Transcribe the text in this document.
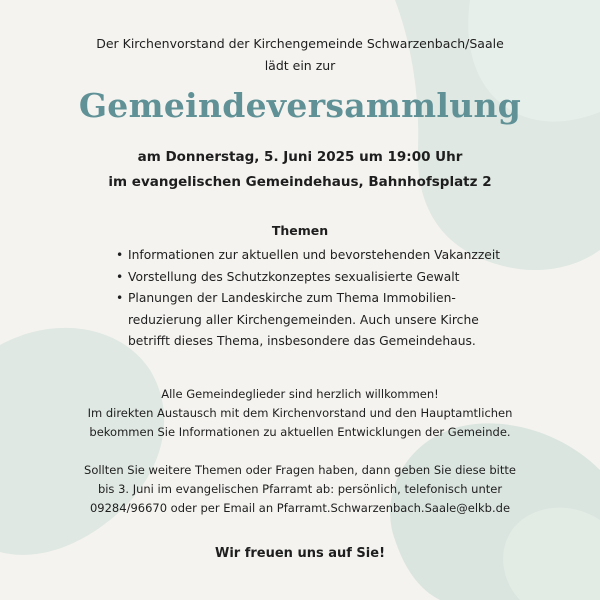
Der Kirchenvorstand der Kirchengemeinde Schwarzenbach/Saale
lädt ein zur
Gemeindeversammlung
am Donnerstag, 5. Juni 2025 um 19:00 Uhr
im evangelischen Gemeindehaus, Bahnhofsplatz 2
Themen
• Informationen zur aktuellen und bevorstehenden Vakanzzeit
• Vorstellung des Schutzkonzeptes sexualisierte Gewalt
• Planungen der Landeskirche zum Thema Immobilien-
reduzierung aller Kirchengemeinden. Auch unsere Kirche
betrifft dieses Thema, insbesondere das Gemeindehaus.
Alle Gemeindeglieder sind herzlich willkommen!
Im direkten Austausch mit dem Kirchenvorstand und den Hauptamtlichen
bekommen Sie Informationen zu aktuellen Entwicklungen der Gemeinde.
Sollten Sie weitere Themen oder Fragen haben, dann geben Sie diese bitte
bis 3. Juni im evangelischen Pfarramt ab: persönlich, telefonisch unter
09284/96670 oder per Email an Pfarramt.Schwarzenbach.Saale@elkb.de
Wir freuen uns auf Sie!
